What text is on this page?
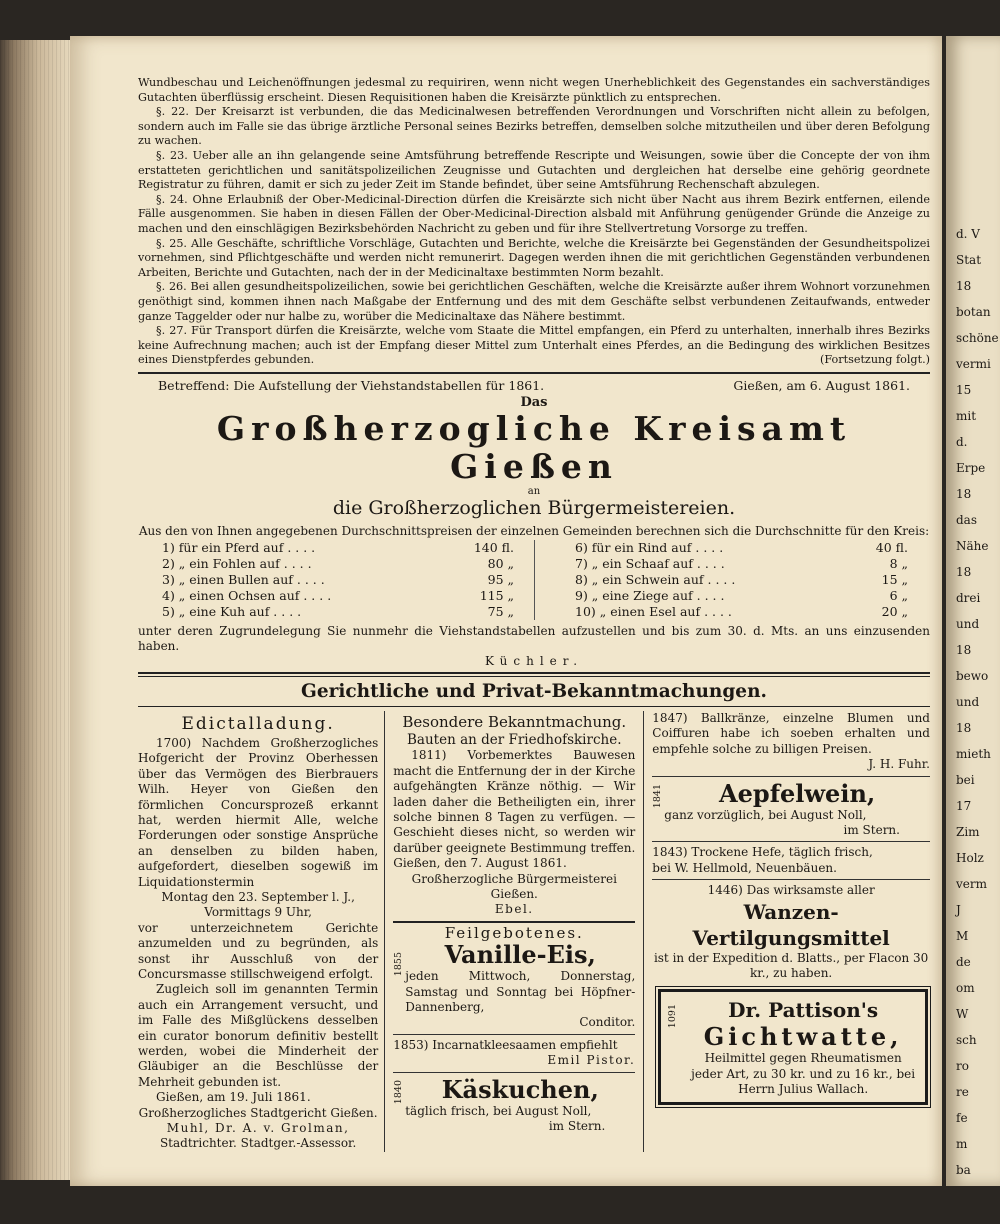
d. V
Stat
18
botan
schöne
vermi
15
mit
d.
Erpe
18
das
Nähe
18
drei
und
18
bewo
und
18
mieth
bei
17
Zim
Holz
verm
J
M
de
om
W
sch
ro
re
fe
m
ba

Wundbeschau und Leichenöffnungen jedesmal zu requiriren, wenn nicht wegen Unerheblichkeit des Gegenstandes ein sachverständiges Gutachten überflüssig erscheint. Diesen Requisitionen haben die Kreisärzte pünktlich zu entsprechen.

§. 22. Der Kreisarzt ist verbunden, die das Medicinalwesen betreffenden Verordnungen und Vorschriften nicht allein zu befolgen, sondern auch im Falle sie das übrige ärztliche Personal seines Bezirks betreffen, demselben solche mitzutheilen und über deren Befolgung zu wachen.

§. 23. Ueber alle an ihn gelangende seine Amtsführung betreffende Rescripte und Weisungen, sowie über die Concepte der von ihm erstatteten gerichtlichen und sanitätspolizeilichen Zeugnisse und Gutachten und dergleichen hat derselbe eine gehörig geordnete Registratur zu führen, damit er sich zu jeder Zeit im Stande befindet, über seine Amtsführung Rechenschaft abzulegen.

§. 24. Ohne Erlaubniß der Ober-Medicinal-Direction dürfen die Kreisärzte sich nicht über Nacht aus ihrem Bezirk entfernen, eilende Fälle ausgenommen. Sie haben in diesen Fällen der Ober-Medicinal-Direction alsbald mit Anführung genügender Gründe die Anzeige zu machen und den einschlägigen Bezirksbehörden Nachricht zu geben und für ihre Stellvertretung Vorsorge zu treffen.

§. 25. Alle Geschäfte, schriftliche Vorschläge, Gutachten und Berichte, welche die Kreisärzte bei Gegenständen der Gesundheitspolizei vornehmen, sind Pflichtgeschäfte und werden nicht remunerirt. Dagegen werden ihnen die mit gerichtlichen Gegenständen verbundenen Arbeiten, Berichte und Gutachten, nach der in der Medicinaltaxe bestimmten Norm bezahlt.

§. 26. Bei allen gesundheitspolizeilichen, sowie bei gerichtlichen Geschäften, welche die Kreisärzte außer ihrem Wohnort vorzunehmen genöthigt sind, kommen ihnen nach Maßgabe der Entfernung und des mit dem Geschäfte selbst verbundenen Zeitaufwands, entweder ganze Taggelder oder nur halbe zu, worüber die Medicinaltaxe das Nähere bestimmt.

§. 27. Für Transport dürfen die Kreisärzte, welche vom Staate die Mittel empfangen, ein Pferd zu unterhalten, innerhalb ihres Bezirks keine Aufrechnung machen; auch ist der Empfang dieser Mittel zum Unterhalt eines Pferdes, an die Bedingung des wirklichen Besitzes eines Dienstpferdes gebunden.	(Fortsetzung folgt.)
Betreffend: Die Aufstellung der Viehstandstabellen für 1861.	Gießen, am 6. August 1861.
Das
Großherzogliche Kreisamt Gießen
an
die Großherzoglichen Bürgermeistereien.
Aus den von Ihnen angegebenen Durchschnittspreisen der einzelnen Gemeinden berechnen sich die Durchschnitte für den Kreis:
1) für ein Pferd auf . . . .	140 fl.
2) „ ein Fohlen auf . . . .	80 „
3) „ einen Bullen auf . . . .	95 „
4) „ einen Ochsen auf . . . .	115 „
5) „ eine Kuh auf . . . .	75 „
6) für ein Rind auf . . . .	40 fl.
7) „ ein Schaaf auf . . . .	8 „
8) „ ein Schwein auf . . . .	15 „
9) „ eine Ziege auf . . . .	6 „
10) „ einen Esel auf . . . .	20 „
unter deren Zugrundelegung Sie nunmehr die Viehstandstabellen aufzustellen und bis zum 30. d. Mts. an uns einzusenden haben.
Küchler.
Gerichtliche und Privat-Bekanntmachungen.
Edictalladung.

1700) Nachdem Großherzogliches Hofgericht der Provinz Oberhessen über das Vermögen des Bierbrauers Wilh. Heyer von Gießen den förmlichen Concursprozeß erkannt hat, werden hiermit Alle, welche Forderungen oder sonstige Ansprüche an denselben zu bilden haben, aufgefordert, dieselben sogewiß im Liquidationstermin

Montag den 23. September l. J.,

Vormittags 9 Uhr,

vor unterzeichnetem Gerichte anzumelden und zu begründen, als sonst ihr Ausschluß von der Concursmasse stillschweigend erfolgt.

Zugleich soll im genannten Termin auch ein Arrangement versucht, und im Falle des Mißglückens desselben ein curator bonorum definitiv bestellt werden, wobei die Minderheit der Gläubiger an die Beschlüsse der Mehrheit gebunden ist.

Gießen, am 19. Juli 1861.

Großherzogliches Stadtgericht Gießen.

Muhl, Dr. A. v. Grolman,

Stadtrichter. Stadtger.-Assessor.

Besondere Bekanntmachung.
Bauten an der Friedhofskirche.

1811) Vorbemerktes Bauwesen macht die Entfernung der in der Kirche aufgehängten Kränze nöthig. — Wir laden daher die Betheiligten ein, ihrer solche binnen 8 Tagen zu verfügen. — Geschieht dieses nicht, so werden wir darüber geeignete Bestimmung treffen. Gießen, den 7. August 1861.

Großherzogliche Bürgermeisterei Gießen.

Ebel.

Feilgebotenes.
1855	Vanille-Eis,

jeden Mittwoch, Donnerstag, Samstag und Sonntag bei Höpfner-Dannenberg,

Conditor.

1853) Incarnatkleesaamen empfiehlt

Emil Pistor.

1840	Käskuchen,

täglich frisch, bei August Noll,

im Stern.

1847) Ballkränze, einzelne Blumen und Coiffuren habe ich soeben erhalten und empfehle solche zu billigen Preisen.

J. H. Fuhr.

1841	Aepfelwein,

ganz vorzüglich, bei August Noll,

im Stern.

1843) Trockene Hefe, täglich frisch,

bei W. Hellmold, Neuenbäuen.

1446) Das wirksamste aller

Wanzen-Vertilgungsmittel

ist in der Expedition d. Blatts., per Flacon 30 kr., zu haben.

1091	Dr. Pattison's
Gichtwatte,

Heilmittel gegen Rheumatismen jeder Art, zu 30 kr. und zu 16 kr., bei Herrn Julius Wallach.
